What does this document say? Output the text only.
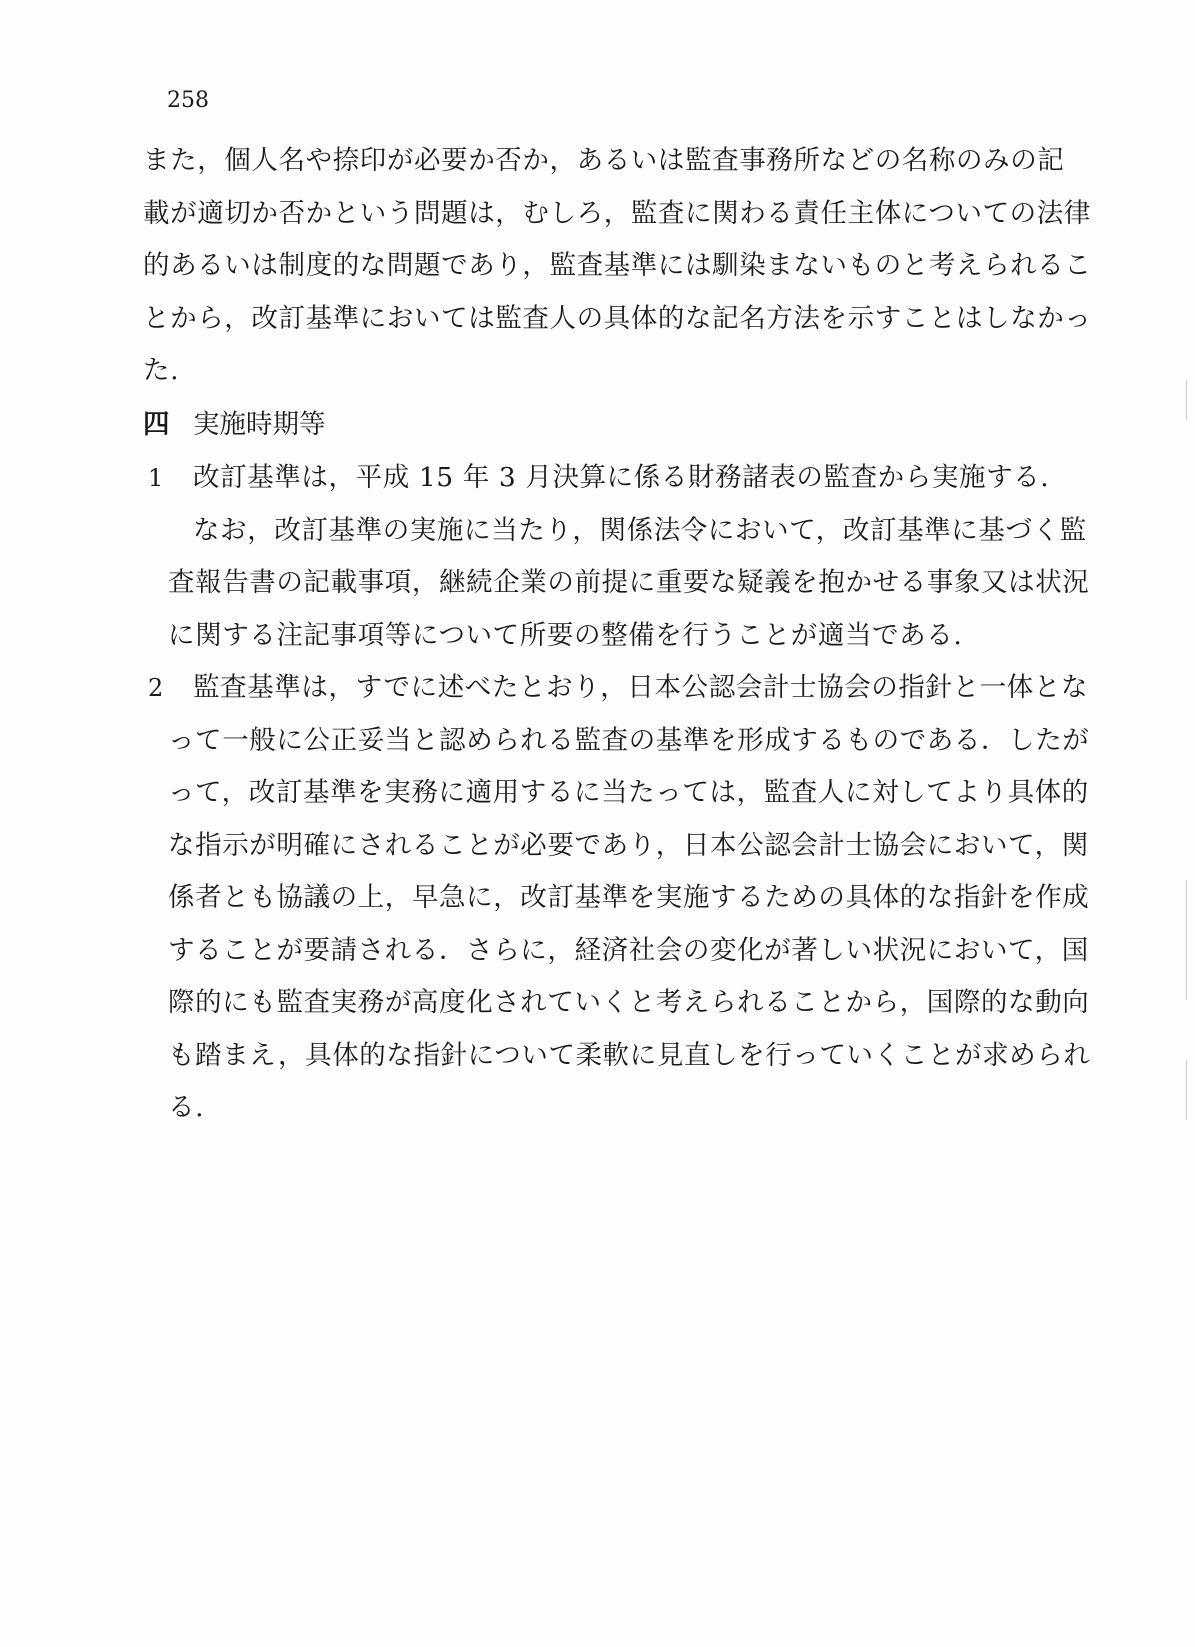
258
また，個人名や捺印が必要か否か，あるいは監査事務所などの名称のみの記
載が適切か否かという問題は，むしろ，監査に関わる責任主体についての法律
的あるいは制度的な問題であり，監査基準には馴染まないものと考えられるこ
とから，改訂基準においては監査人の具体的な記名方法を示すことはしなかっ
た.
四 実施時期等
1 改訂基準は，平成 15 年 3 月決算に係る財務諸表の監査から実施する.
なお，改訂基準の実施に当たり，関係法令において，改訂基準に基づく監
査報告書の記載事項，継続企業の前提に重要な疑義を抱かせる事象又は状況
に関する注記事項等について所要の整備を行うことが適当である.
2 監査基準は，すでに述べたとおり，日本公認会計士協会の指針と一体とな
って一般に公正妥当と認められる監査の基準を形成するものである．したが
って，改訂基準を実務に適用するに当たっては，監査人に対してより具体的
な指示が明確にされることが必要であり，日本公認会計士協会において，関
係者とも協議の上，早急に，改訂基準を実施するための具体的な指針を作成
することが要請される．さらに，経済社会の変化が著しい状況において，国
際的にも監査実務が高度化されていくと考えられることから，国際的な動向
も踏まえ，具体的な指針について柔軟に見直しを行っていくことが求められ
る.
